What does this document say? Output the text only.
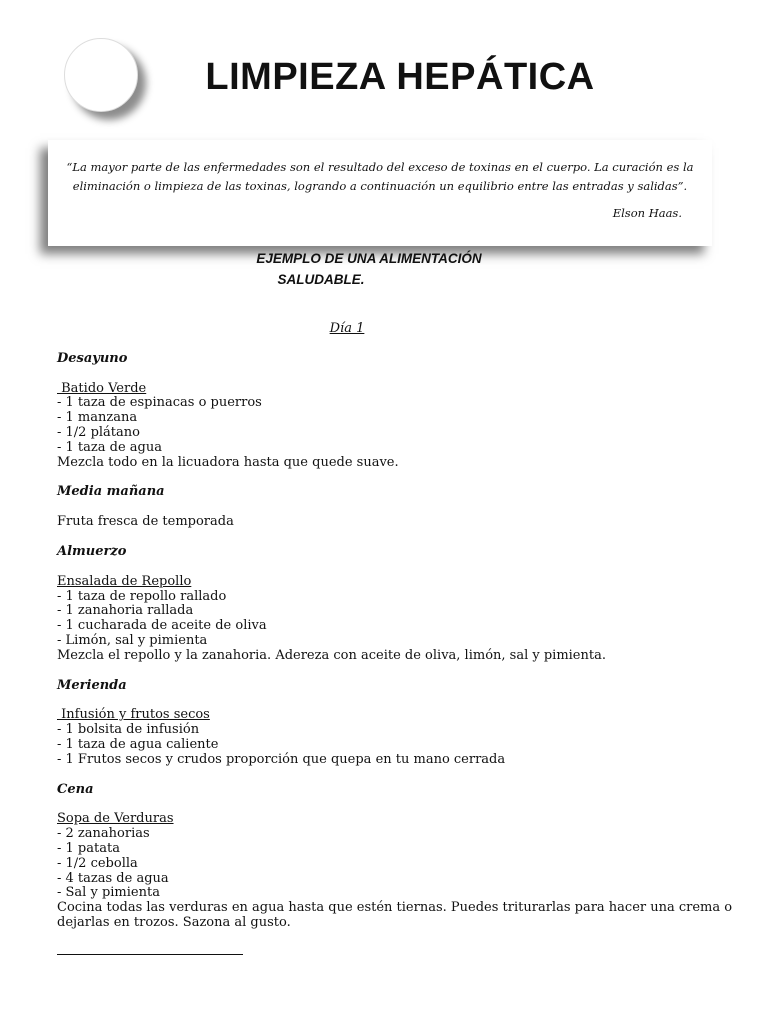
LIMPIEZA HEPÁTICA
“La mayor parte de las enfermedades son el resultado del exceso de toxinas en el cuerpo. La curación es la eliminación o limpieza de las toxinas, logrando a continuación un equilibrio entre las entradas y salidas”.
Elson Haas.
EJEMPLO DE UNA ALIMENTACIÓN
SALUDABLE.
Día 1
Desayuno
Batido Verde
- 1 taza de espinacas o puerros
- 1 manzana
- 1/2 plátano
- 1 taza de agua
Mezcla todo en la licuadora hasta que quede suave.
Media mañana
Fruta fresca de temporada
Almuerzo
Ensalada de Repollo
- 1 taza de repollo rallado
- 1 zanahoria rallada
- 1 cucharada de aceite de oliva
- Limón, sal y pimienta
Mezcla el repollo y la zanahoria. Adereza con aceite de oliva, limón, sal y pimienta.
Merienda
Infusión y frutos secos
- 1 bolsita de infusión
- 1 taza de agua caliente
- 1 Frutos secos y crudos proporción que quepa en tu mano cerrada
Cena
Sopa de Verduras
- 2 zanahorias
- 1 patata
- 1/2 cebolla
- 4 tazas de agua
- Sal y pimienta
Cocina todas las verduras en agua hasta que estén tiernas. Puedes triturarlas para hacer una crema o dejarlas en trozos. Sazona al gusto.
